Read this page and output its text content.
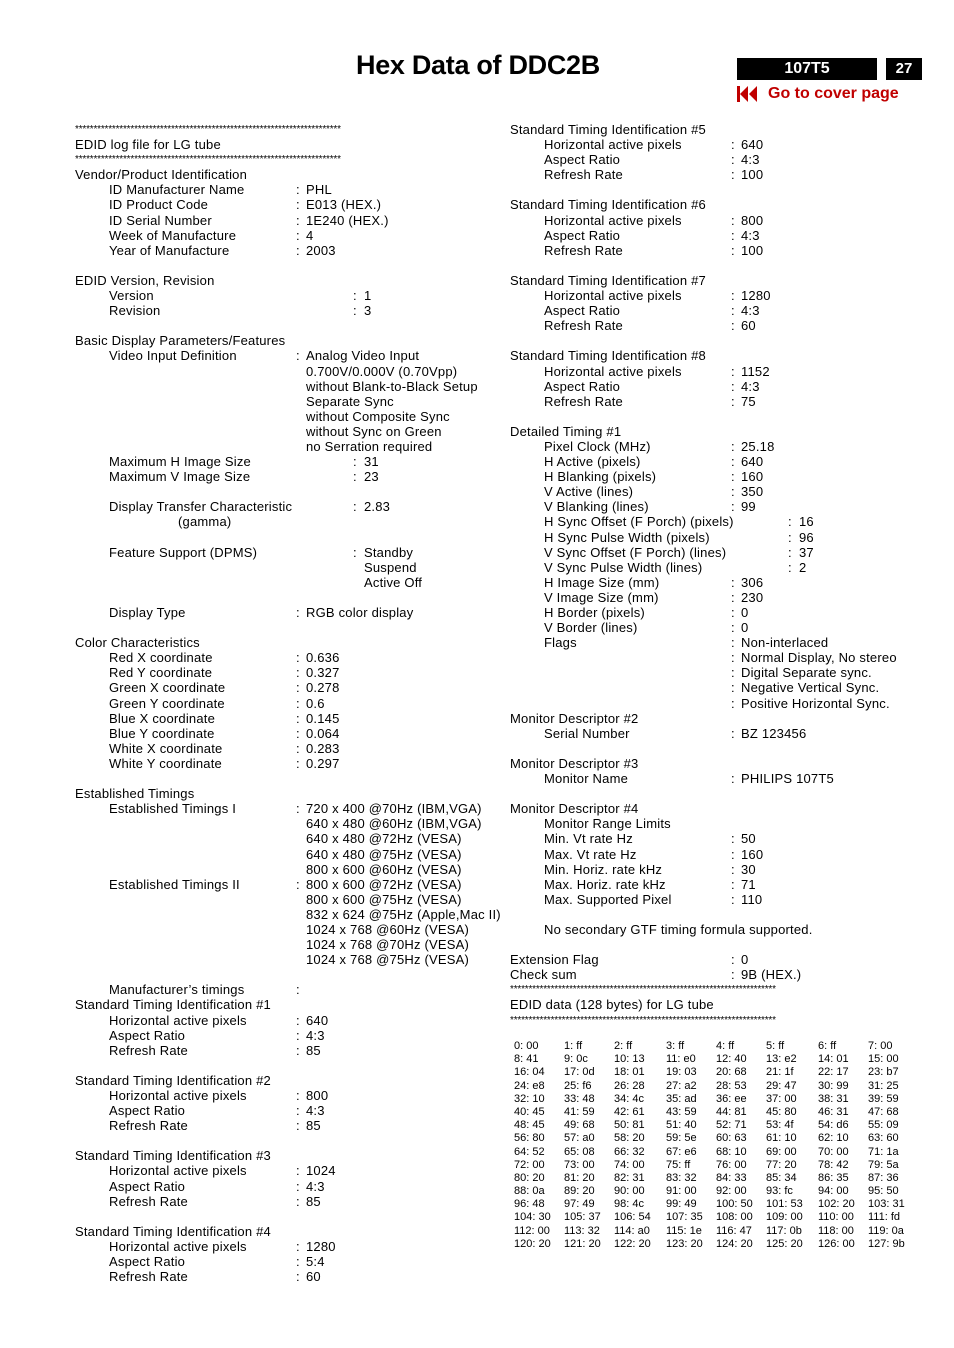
Hex Data of DDC2B	107T5	27
Go to cover page
************************************************************************
EDID log file for LG tube
************************************************************************
Vendor/Product Identification
ID Manufacturer Name	: PHL
ID Product Code	: E013 (HEX.)
ID Serial Number	: 1E240 (HEX.)
Week of Manufacture	: 4
Year of Manufacture	: 2003
EDID Version, Revision
Version	: 1
Revision	: 3
Basic Display Parameters/Features
Video Input Definition	: Analog Video Input
0.700V/0.000V (0.70Vpp)
without Blank-to-Black Setup
Separate Sync
without Composite Sync
without Sync on Green
no Serration required
Maximum H Image Size	: 31
Maximum V Image Size	: 23
Display Transfer Characteristic	: 2.83
(gamma)
Feature Support (DPMS)	: Standby
Suspend
Active Off
Display Type	: RGB color display
Color Characteristics
Red X coordinate	: 0.636
Red Y coordinate	: 0.327
Green X coordinate	: 0.278
Green Y coordinate	: 0.6
Blue X coordinate	: 0.145
Blue Y coordinate	: 0.064
White X coordinate	: 0.283
White Y coordinate	: 0.297
Established Timings
Established Timings I	: 720 x 400 @70Hz (IBM,VGA)
640 x 480 @60Hz (IBM,VGA)
640 x 480 @72Hz (VESA)
640 x 480 @75Hz (VESA)
800 x 600 @60Hz (VESA)
Established Timings II	: 800 x 600 @72Hz (VESA)
800 x 600 @75Hz (VESA)
832 x 624 @75Hz (Apple,Mac II)
1024 x 768 @60Hz (VESA)
1024 x 768 @70Hz (VESA)
1024 x 768 @75Hz (VESA)
Manufacturer’s timings	:
Standard Timing Identification #1
Horizontal active pixels	: 640
Aspect Ratio	: 4:3
Refresh Rate	: 85
Standard Timing Identification #2
Horizontal active pixels	: 800
Aspect Ratio	: 4:3
Refresh Rate	: 85
Standard Timing Identification #3
Horizontal active pixels	: 1024
Aspect Ratio	: 4:3
Refresh Rate	: 85
Standard Timing Identification #4
Horizontal active pixels	: 1280
Aspect Ratio	: 5:4
Refresh Rate	: 60
Standard Timing Identification #5
Horizontal active pixels	: 640
Aspect Ratio	: 4:3
Refresh Rate	: 100
Standard Timing Identification #6
Horizontal active pixels	: 800
Aspect Ratio	: 4:3
Refresh Rate	: 100
Standard Timing Identification #7
Horizontal active pixels	: 1280
Aspect Ratio	: 4:3
Refresh Rate	: 60
Standard Timing Identification #8
Horizontal active pixels	: 1152
Aspect Ratio	: 4:3
Refresh Rate	: 75
Detailed Timing #1
Pixel Clock (MHz)	: 25.18
H Active (pixels)	: 640
H Blanking (pixels)	: 160
V Active (lines)	: 350
V Blanking (lines)	: 99
H Sync Offset (F Porch) (pixels)	: 16
H Sync Pulse Width (pixels)	: 96
V Sync Offset (F Porch) (lines)	: 37
V Sync Pulse Width (lines)	: 2
H Image Size (mm)	: 306
V Image Size (mm)	: 230
H Border (pixels)	: 0
V Border (lines)	: 0
Flags	: Non-interlaced
: Normal Display, No stereo
: Digital Separate sync.
: Negative Vertical Sync.
: Positive Horizontal Sync.
Monitor Descriptor #2
Serial Number	: BZ 123456
Monitor Descriptor #3
Monitor Name	: PHILIPS 107T5
Monitor Descriptor #4
Monitor Range Limits
Min. Vt rate Hz	: 50
Max. Vt rate Hz	: 160
Min. Horiz. rate kHz	: 30
Max. Horiz. rate kHz	: 71
Max. Supported Pixel	: 110
No secondary GTF timing formula supported.
Extension Flag	: 0
Check sum	: 9B (HEX.)
************************************************************************
EDID data (128 bytes) for LG tube
************************************************************************
0: 00 1: ff	2: ff	3: ff	4: ff	5: ff	6: ff	7: 00
8: 41 9: 0c 10: 13 11: e0 12: 40 13: e2 14: 01 15: 00
16: 04 17: 0d 18: 01 19: 03 20: 68 21: 1f 22: 17 23: b7
24: e8 25: f6 26: 28 27: a2 28: 53 29: 47 30: 99 31: 25
32: 10 33: 48 34: 4c 35: ad 36: ee 37: 00 38: 31 39: 59
40: 45 41: 59 42: 61 43: 59 44: 81 45: 80 46: 31 47: 68
48: 45 49: 68 50: 81 51: 40 52: 71 53: 4f 54: d6 55: 09
56: 80 57: a0 58: 20 59: 5e 60: 63 61: 10 62: 10 63: 60
64: 52 65: 08 66: 32 67: e6 68: 10 69: 00 70: 00 71: 1a
72: 00 73: 00 74: 00 75: ff 76: 00 77: 20 78: 42 79: 5a
80: 20 81: 20 82: 31 83: 32 84: 33 85: 34 86: 35 87: 36
88: 0a 89: 20 90: 00 91: 00 92: 00 93: fc 94: 00 95: 50
96: 48 97: 49 98: 4c 99: 49 100: 50 101: 53 102: 20 103: 31
104: 30 105: 37 106: 54 107: 35 108: 00 109: 00 110: 00 111: fd
112: 00 113: 32 114: a0 115: 1e 116: 47 117: 0b 118: 00 119: 0a
120: 20 121: 20 122: 20 123: 20 124: 20 125: 20 126: 00 127: 9b
